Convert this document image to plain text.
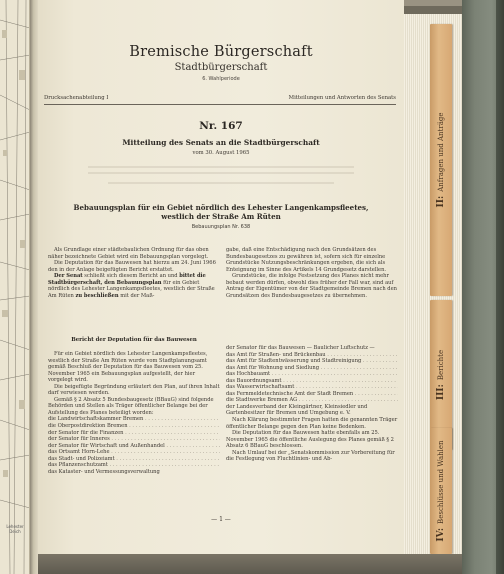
Lehester Deich
Bremische Bürgerschaft
Stadtbürgerschaft
6. Wahlperiode
Drucksachenabteilung I	Mitteilungen und Antworten des Senats
Nr. 167
Mitteilung des Senats an die Stadtbürgerschaft
vom 30. August 1965
Bebauungsplan für ein Gebiet nördlich des Lehester Langenkampsfleetes,
westlich der Straße Am Rüten
Bebauungsplan Nr. 638

Als Grundlage einer städtebaulichen Ordnung für das oben näher bezeichnete Gebiet wird ein Bebauungsplan vorgelegt.

Die Deputation für das Bauwesen hat hierzu am 24. Juni 1966 den in der Anlage beigefügten Bericht erstattet.

Der Senat schließt sich diesem Bericht an und bittet die Stadtbürgerschaft, den Bebauungsplan für ein Gebiet nördlich des Lehester Langenkampsfleetes, westlich der Straße Am Rüten zu beschließen mit der Maß-

gabe, daß eine Entschädigung nach den Grundsätzen des Bundesbaugesetzes zu gewähren ist, sofern sich für einzelne Grundstücke Nutzungsbeschränkungen ergeben, die sich als Enteignung im Sinne des Artikels 14 Grundgesetz darstellen.

Grundstücke, die infolge Festsetzung des Planes nicht mehr bebaut werden dürfen, obwohl dies früher der Fall war, sind auf Antrag der Eigentümer von der Stadtgemeinde Bremen nach den Grundsätzen des Bundesbaugesetzes zu übernehmen.

Bericht der Deputation für das Bauwesen

Für ein Gebiet nördlich des Lehester Langenkampsfleetes, westlich der Straße Am Rüten wurde vom Stadtplanungsamt gemäß Beschluß der Deputation für das Bauwesen vom 25. November 1965 ein Bebauungsplan aufgestellt, der hier vorgelegt wird.

Die beigefügte Begründung erläutert den Plan, auf ihren Inhalt darf verwiesen werden.

Gemäß § 2 Absatz 5 Bundesbaugesetz (BBauG) sind folgende Behörden und Stellen als Träger öffentlicher Belange bei der Aufstellung des Planes beteiligt worden:

die Landwirtschaftskammer Bremen . . .
die Oberpostdirektion Bremen . . .
der Senator für die Finanzen . . .
der Senator für Inneres . . .
der Senator für Wirtschaft und Außenhandel . . .
das Ortsamt Horn-Lehe . . .
das Stadt- und Polizeiamt . . .
das Pflanzenschutzamt . . .
das Kataster- und Vermessungsverwaltung

der Senator für das Bauwesen — Baulicher Luftschutz —

das Amt für Straßen- und Brückenbau . . .
das Amt für Stadtentwässerung und Stadtreinigung . . .
das Amt für Wohnung und Siedlung . . .
das Hochbauamt . . .
das Bauordnungsamt . . .
das Wasserwirtschaftsamt . . .
das Fernmeldetechnische Amt der Stadt Bremen . . .
die Stadtwerke Bremen AG . . .

der Landesverband der Kleingärtner, Kleinsiedler und Gartenbesitzer für Bremen und Umgebung e. V.

Nach Klärung bestimmter Fragen hatten die genannten Träger öffentlicher Belange gegen den Plan keine Bedenken.

Die Deputation für das Bauwesen hatte ebenfalls am 25. November 1965 die öffentliche Auslegung des Planes gemäß § 2 Absatz 6 BBauG beschlossen.

Nach Umlauf bei der „Senatskommission zur Vorbereitung für die Festlegung von Fluchtlinien- und Ab-

— 1 —
II:Anfragen und Anträge
III:Berichte
IV:Beschlüsse und Wahlen
